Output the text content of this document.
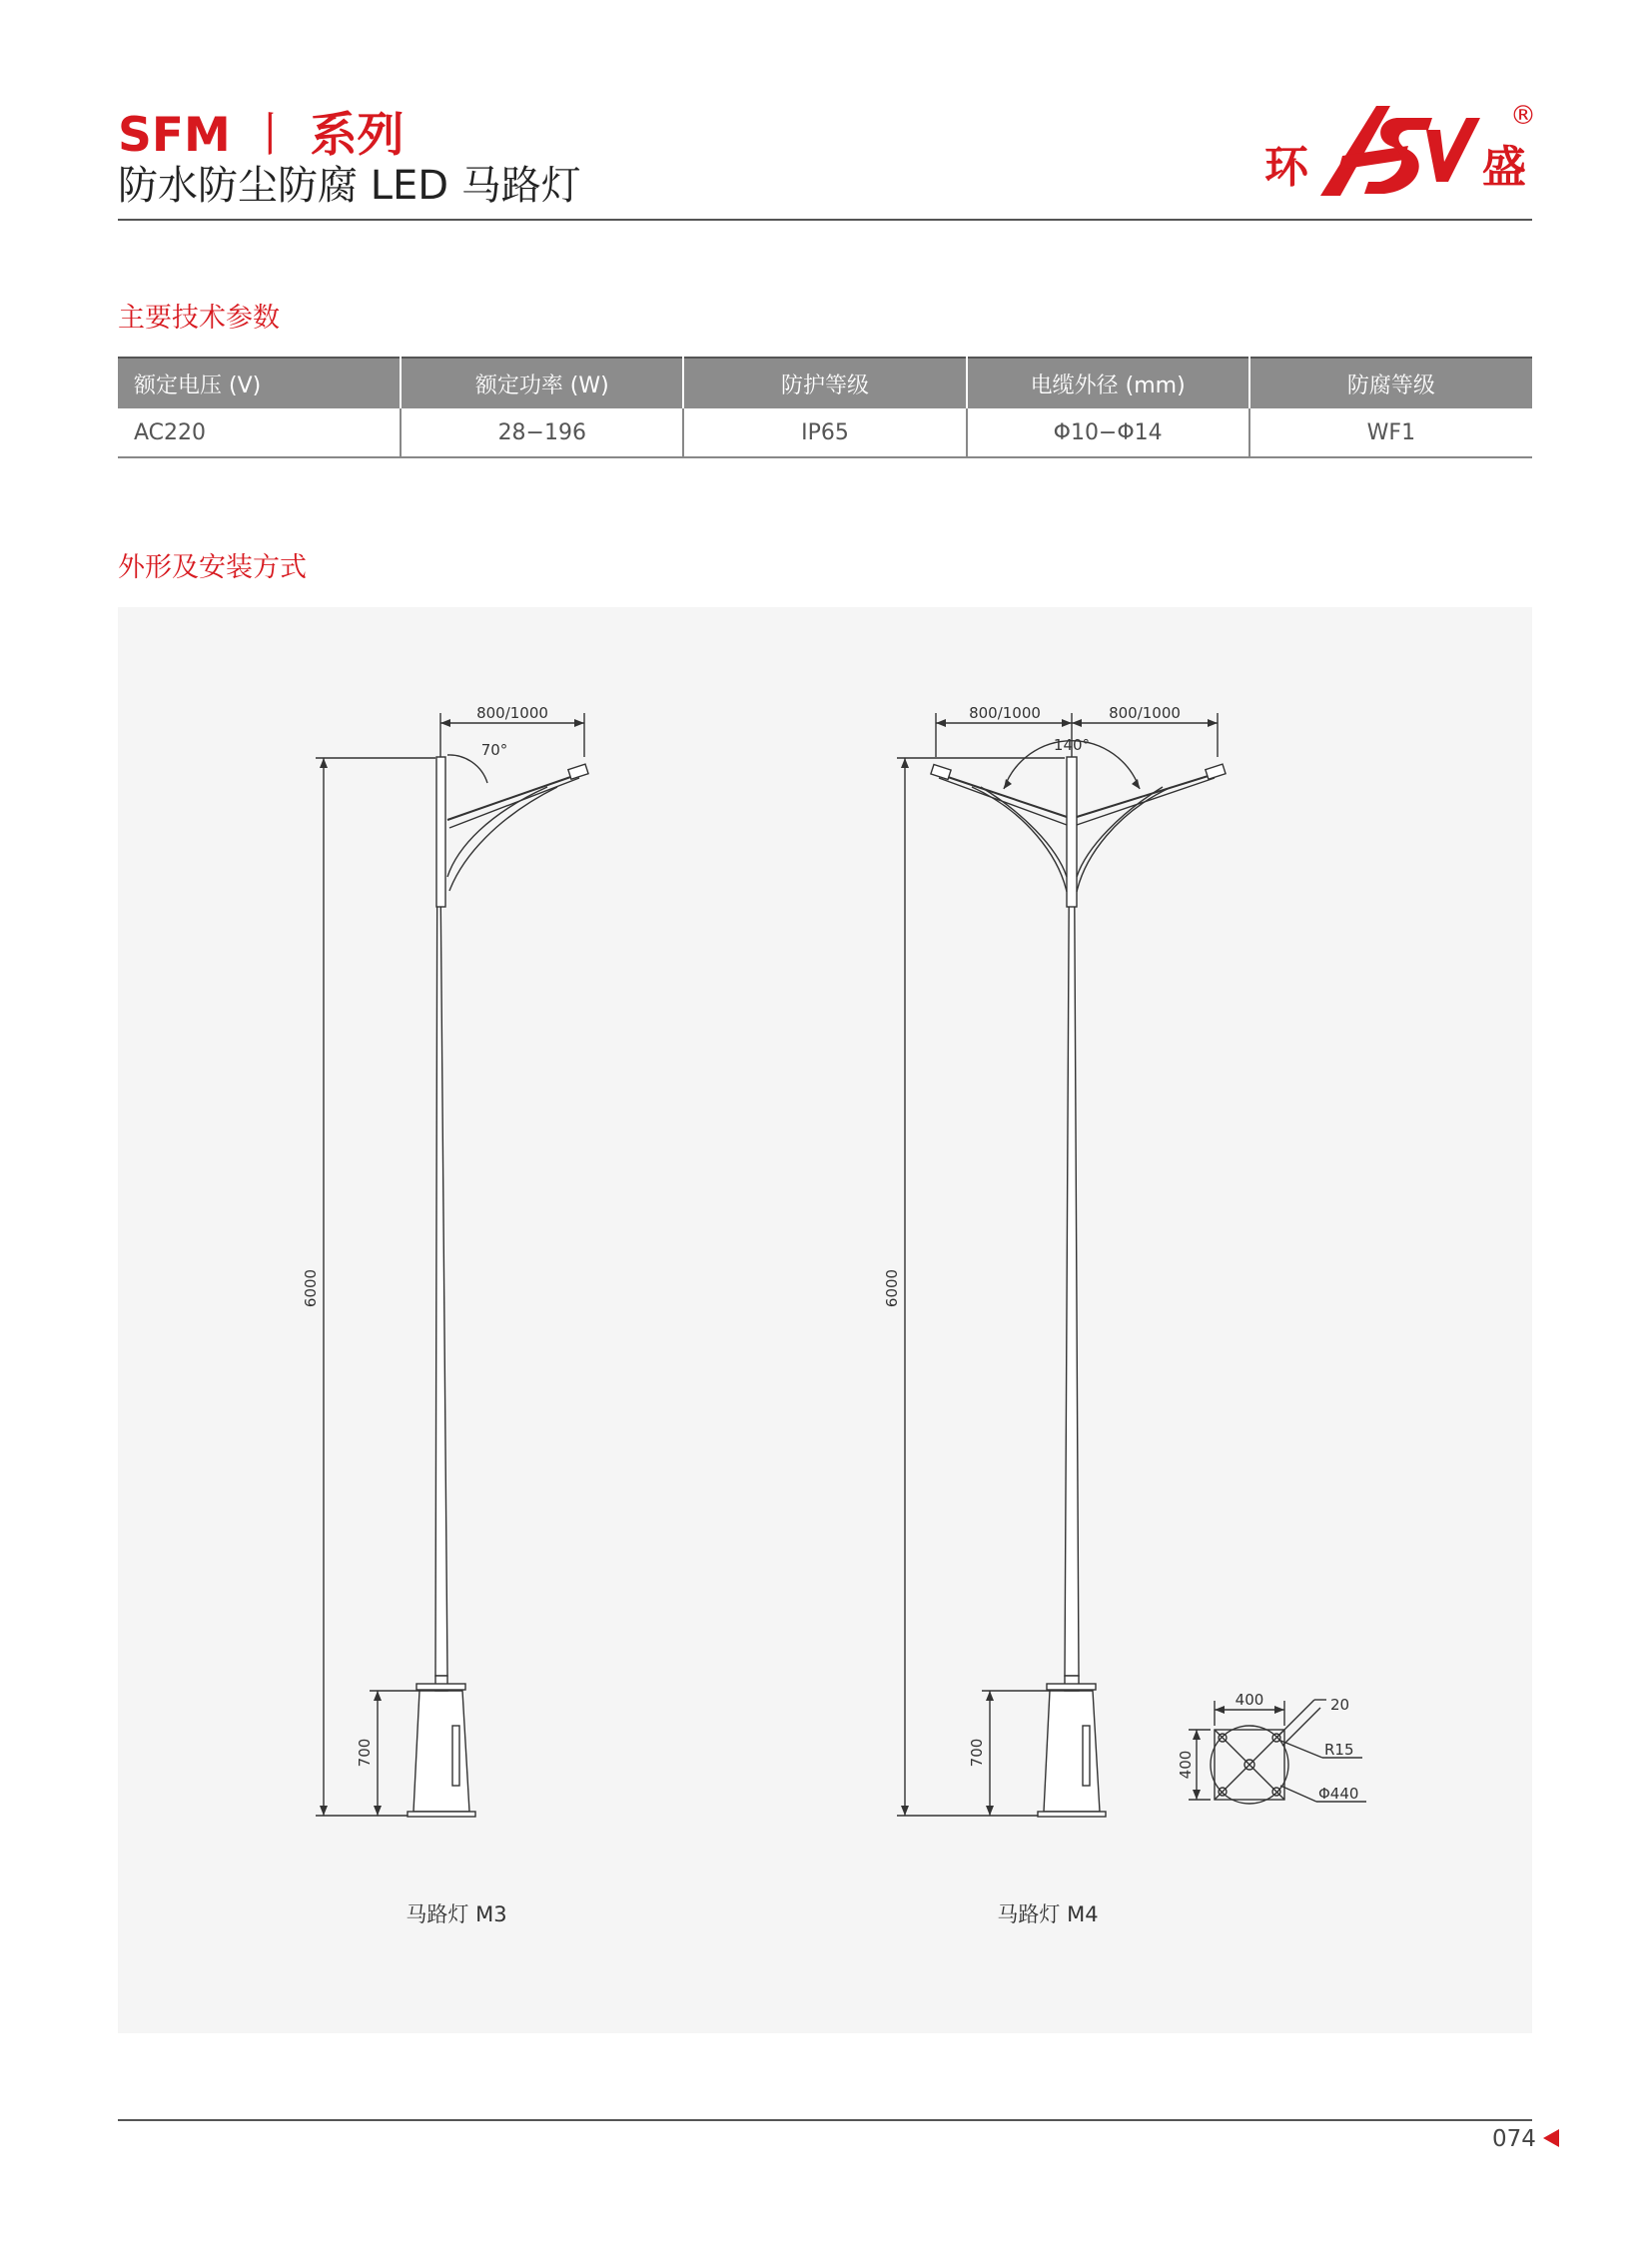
SFM 丨 系列
防水防尘防腐 LED 马路灯	环	盛
®
主要技术参数
额定电压 (V)	额定功率 (W)	防护等级	电缆外径 (mm)	防腐等级
AC220	28−196	IP65	Φ10−Φ14	WF1
外形及安装方式
800/1000
70°
6000
700
马路灯 M3
800/1000	800/1000
140°
6000
700
马路灯 M4
400
400
20
R15
Φ440
074
